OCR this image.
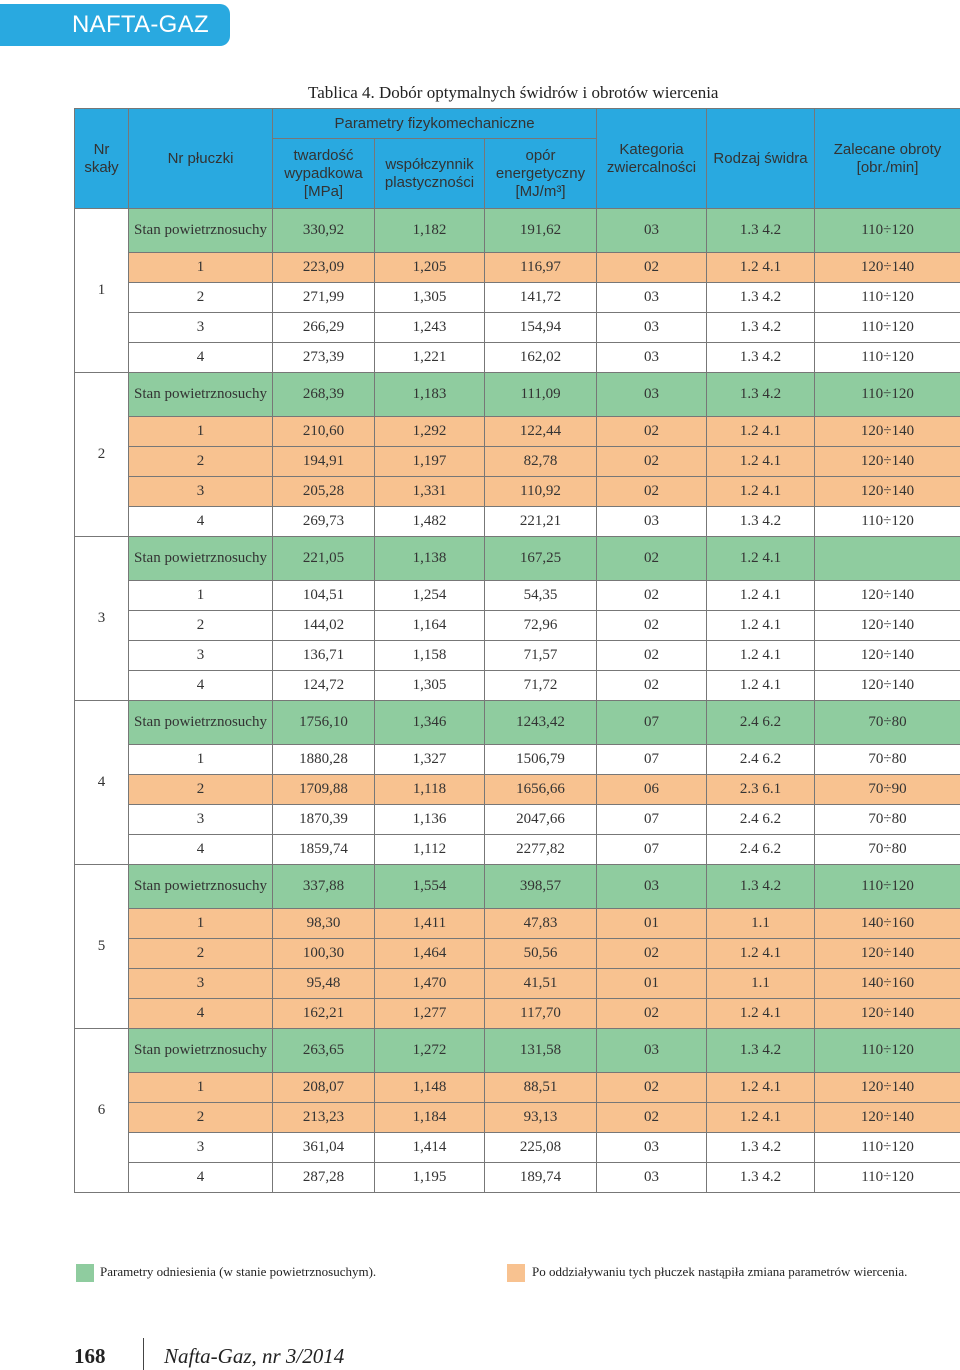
NAFTA-GAZ
Tablica 4. Dobór optymalnych świdrów i obrotów wiercenia
Nr skały	Nr płuczki	Parametry fizykomechaniczne			Kategoria zwiercalności	Rodzaj świdra	Zalecane obroty [obr./min]
		twardość wypadkowa [MPa]	współczynnik plastyczności	opór energetyczny [MJ/m³]			
1	Stan powietrznosuchy	330,92	1,182	191,62	03	1.3 4.2	110÷120
	1	223,09	1,205	116,97	02	1.2 4.1	120÷140
	2	271,99	1,305	141,72	03	1.3 4.2	110÷120
	3	266,29	1,243	154,94	03	1.3 4.2	110÷120
	4	273,39	1,221	162,02	03	1.3 4.2	110÷120
2	Stan powietrznosuchy	268,39	1,183	111,09	03	1.3 4.2	110÷120
	1	210,60	1,292	122,44	02	1.2 4.1	120÷140
	2	194,91	1,197	82,78	02	1.2 4.1	120÷140
	3	205,28	1,331	110,92	02	1.2 4.1	120÷140
	4	269,73	1,482	221,21	03	1.3 4.2	110÷120
3	Stan powietrznosuchy	221,05	1,138	167,25	02	1.2 4.1	
	1	104,51	1,254	54,35	02	1.2 4.1	120÷140
	2	144,02	1,164	72,96	02	1.2 4.1	120÷140
	3	136,71	1,158	71,57	02	1.2 4.1	120÷140
	4	124,72	1,305	71,72	02	1.2 4.1	120÷140
4	Stan powietrznosuchy	1756,10	1,346	1243,42	07	2.4 6.2	70÷80
	1	1880,28	1,327	1506,79	07	2.4 6.2	70÷80
	2	1709,88	1,118	1656,66	06	2.3 6.1	70÷90
	3	1870,39	1,136	2047,66	07	2.4 6.2	70÷80
	4	1859,74	1,112	2277,82	07	2.4 6.2	70÷80
5	Stan powietrznosuchy	337,88	1,554	398,57	03	1.3 4.2	110÷120
	1	98,30	1,411	47,83	01	1.1	140÷160
	2	100,30	1,464	50,56	02	1.2 4.1	120÷140
	3	95,48	1,470	41,51	01	1.1	140÷160
	4	162,21	1,277	117,70	02	1.2 4.1	120÷140
6	Stan powietrznosuchy	263,65	1,272	131,58	03	1.3 4.2	110÷120
	1	208,07	1,148	88,51	02	1.2 4.1	120÷140
	2	213,23	1,184	93,13	02	1.2 4.1	120÷140
	3	361,04	1,414	225,08	03	1.3 4.2	110÷120
	4	287,28	1,195	189,74	03	1.3 4.2	110÷120
Parametry odniesienia (w stanie powietrznosuchym).	Po oddziaływaniu tych płuczek nastąpiła zmiana parametrów wiercenia.
168	Nafta-Gaz, nr 3/2014
